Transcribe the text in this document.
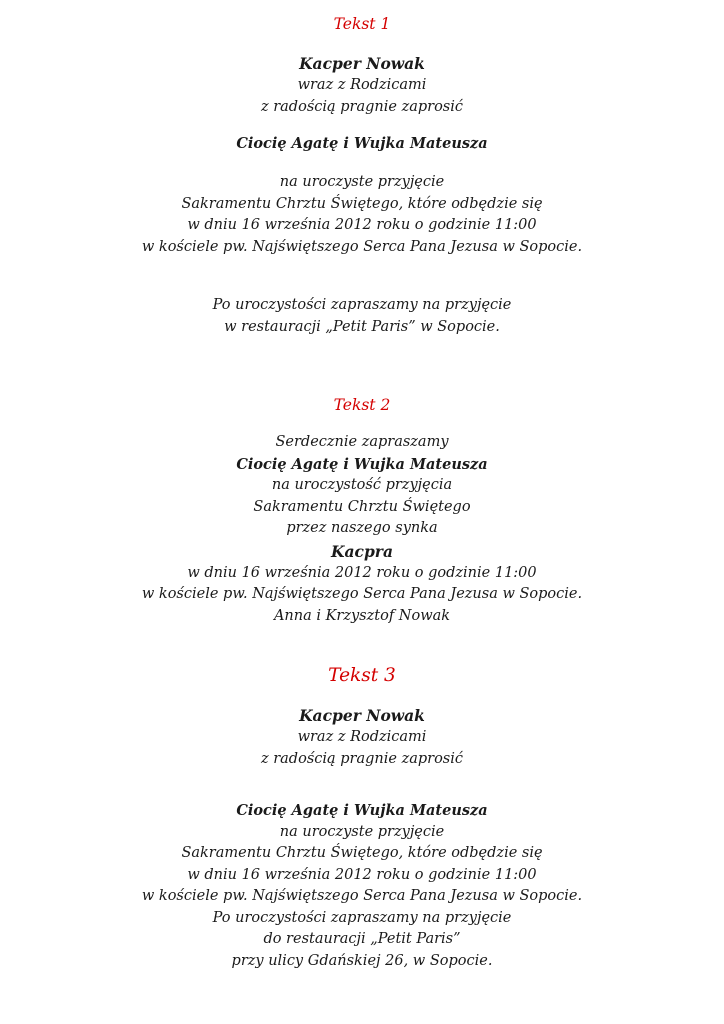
Tekst 1
Kacper Nowak
wraz z Rodzicami
z radością pragnie zaprosić
Ciocię Agatę i Wujka Mateusza
na uroczyste przyjęcie
Sakramentu Chrztu Świętego, które odbędzie się
w dniu 16 września 2012 roku o godzinie 11:00
w kościele pw. Najświętszego Serca Pana Jezusa w Sopocie.
Po uroczystości zapraszamy na przyjęcie
w restauracji „Petit Paris” w Sopocie.
Tekst 2
Serdecznie zapraszamy
Ciocię Agatę i Wujka Mateusza
na uroczystość przyjęcia
Sakramentu Chrztu Świętego
przez naszego synka
Kacpra
w dniu 16 września 2012 roku o godzinie 11:00
w kościele pw. Najświętszego Serca Pana Jezusa w Sopocie.
Anna i Krzysztof Nowak
Tekst 3
Kacper Nowak
wraz z Rodzicami
z radością pragnie zaprosić
Ciocię Agatę i Wujka Mateusza
na uroczyste przyjęcie
Sakramentu Chrztu Świętego, które odbędzie się
w dniu 16 września 2012 roku o godzinie 11:00
w kościele pw. Najświętszego Serca Pana Jezusa w Sopocie.
Po uroczystości zapraszamy na przyjęcie
do restauracji „Petit Paris”
przy ulicy Gdańskiej 26, w Sopocie.
